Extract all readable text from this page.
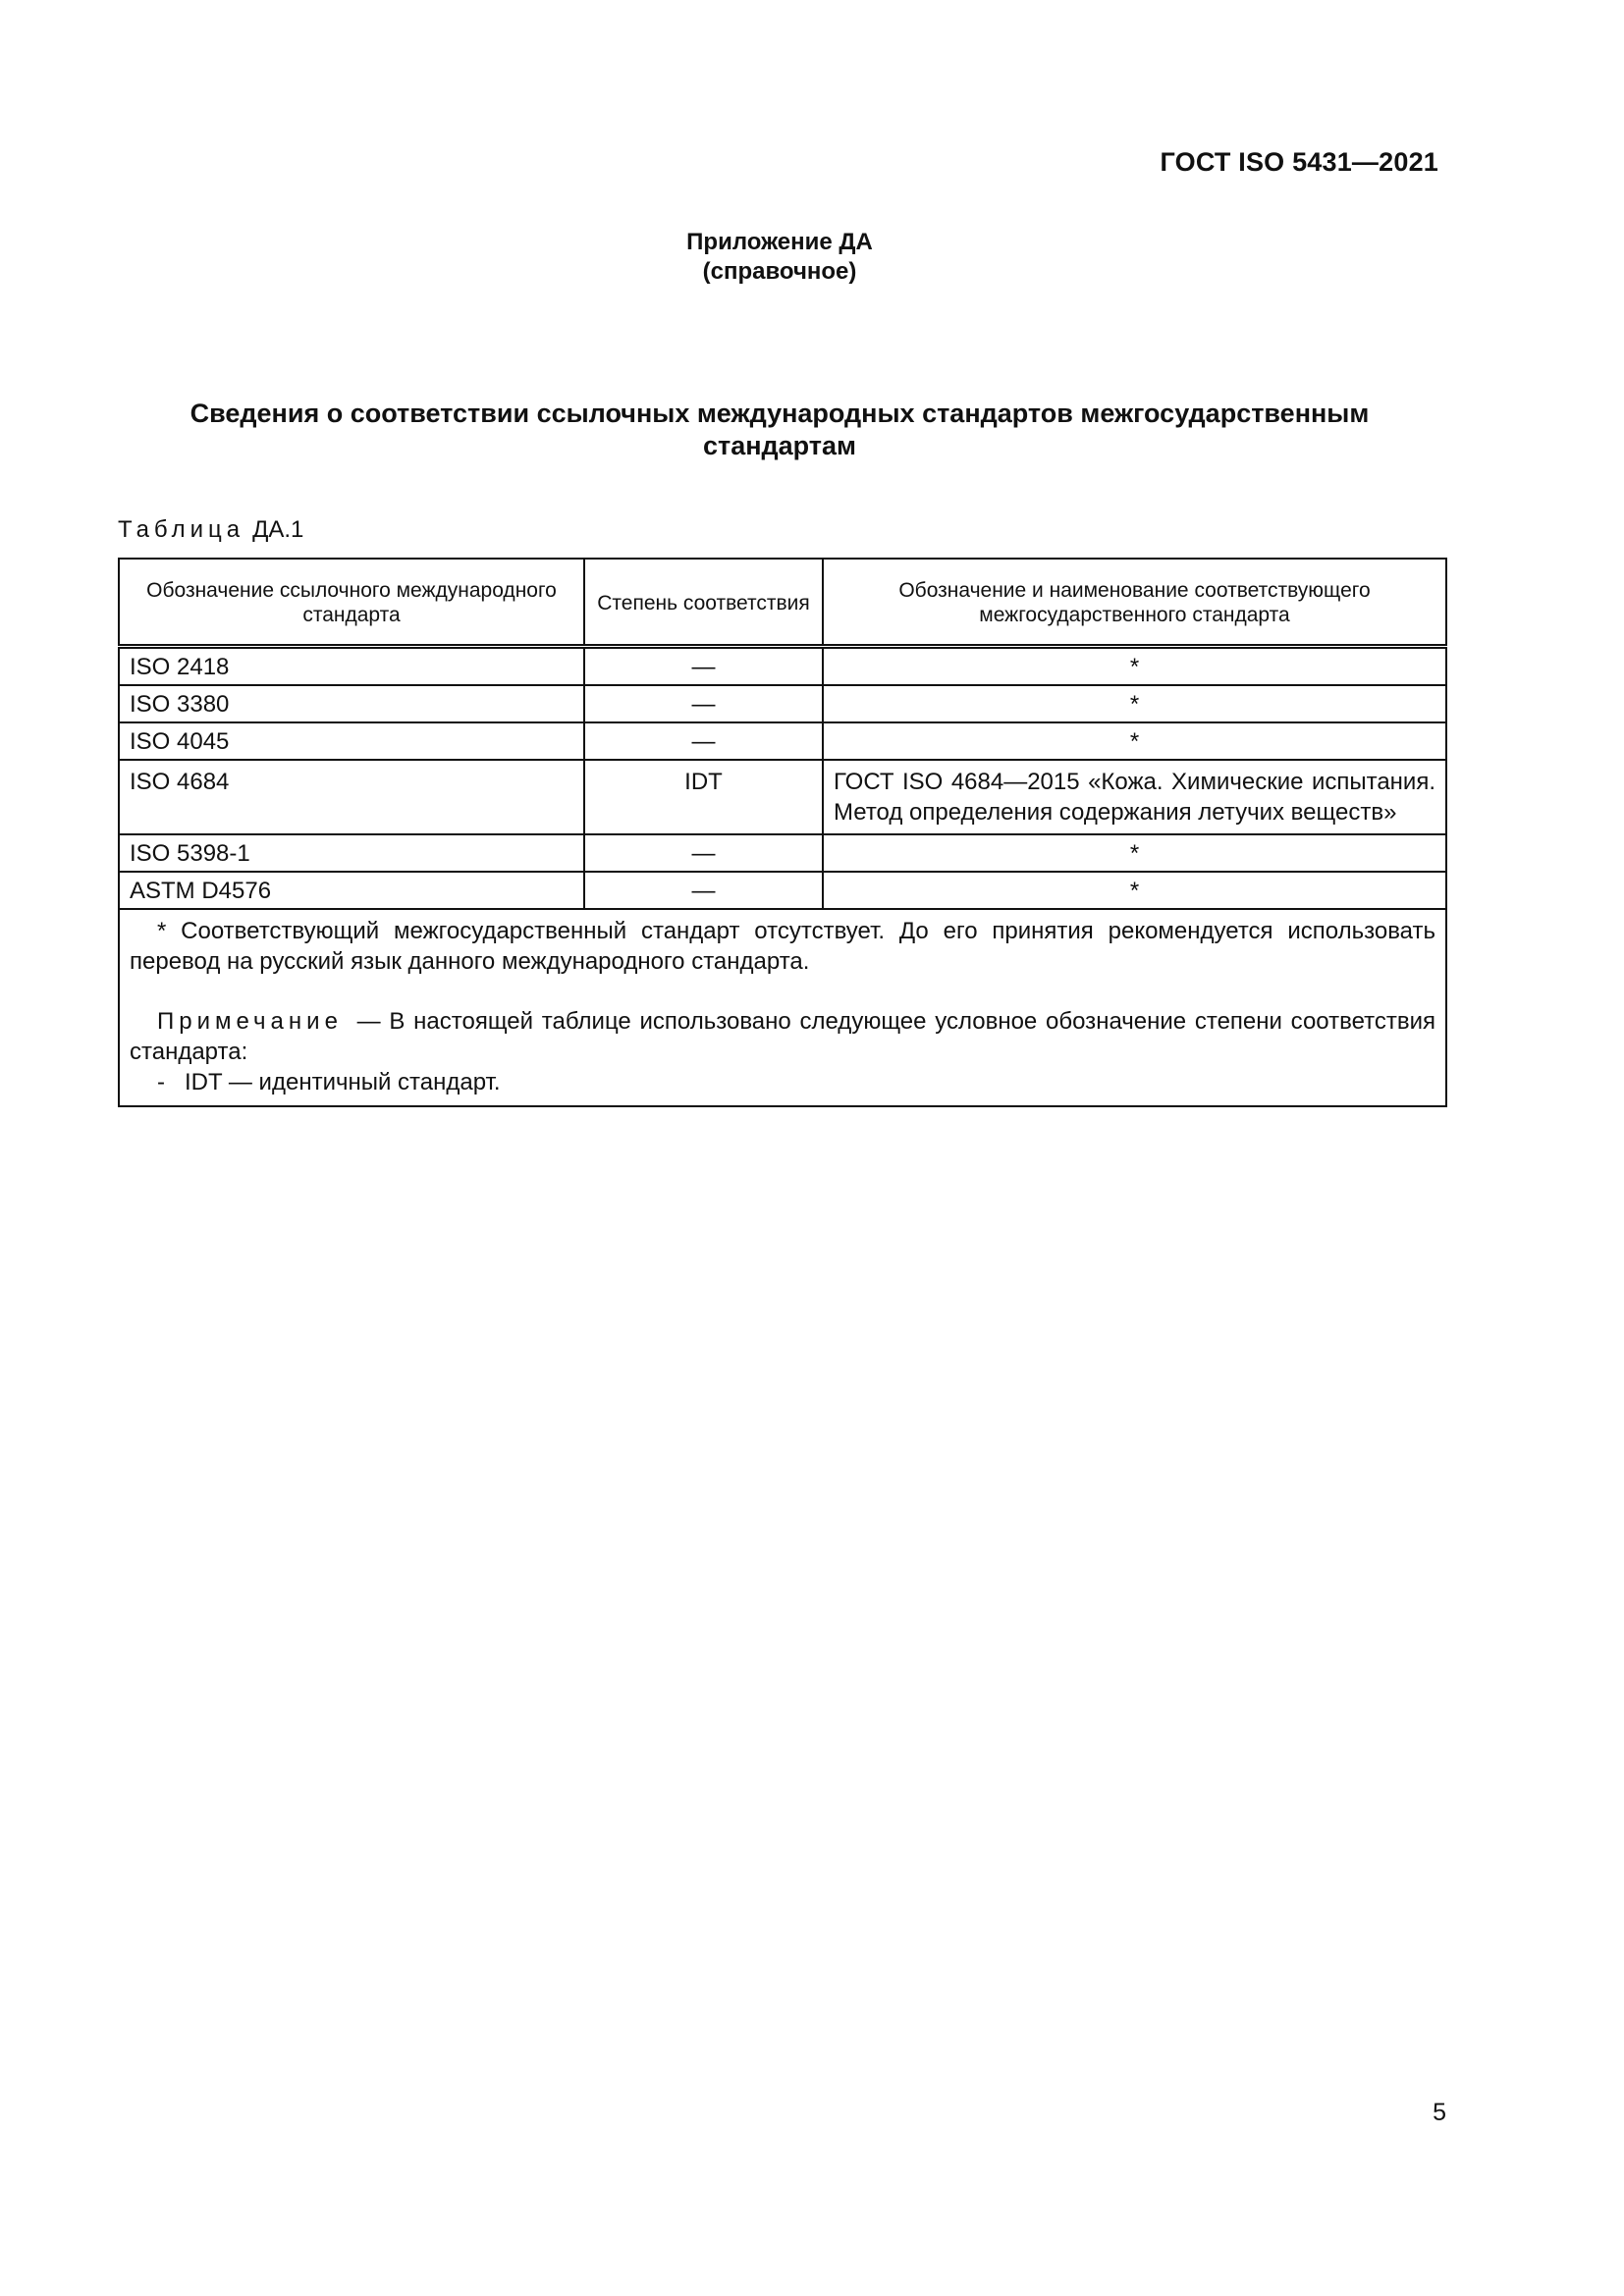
ГОСТ ISO 5431—2021
Приложение ДА
(справочное)
Сведения о соответствии ссылочных международных стандартов межгосударственным
стандартам
Таблица ДА.1
Обозначение ссылочного международного стандарта	Степень соответствия	Обозначение и наименование соответствующего межгосударственного стандарта
ISO 2418	—	*
ISO 3380	—	*
ISO 4045	—	*
ISO 4684	IDT	ГОСТ ISO 4684—2015 «Кожа. Химические испытания. Метод определения содержания летучих веществ»
ISO 5398-1	—	*
ASTM D4576	—	*

* Соответствующий межгосударственный стандарт отсутствует. До его принятия рекомендуется использовать перевод на русский язык данного международного стандарта.

Примечание — В настоящей таблице использовано следующее условное обозначение степени соответствия стандарта:

-   IDT — идентичный стандарт.		

5
